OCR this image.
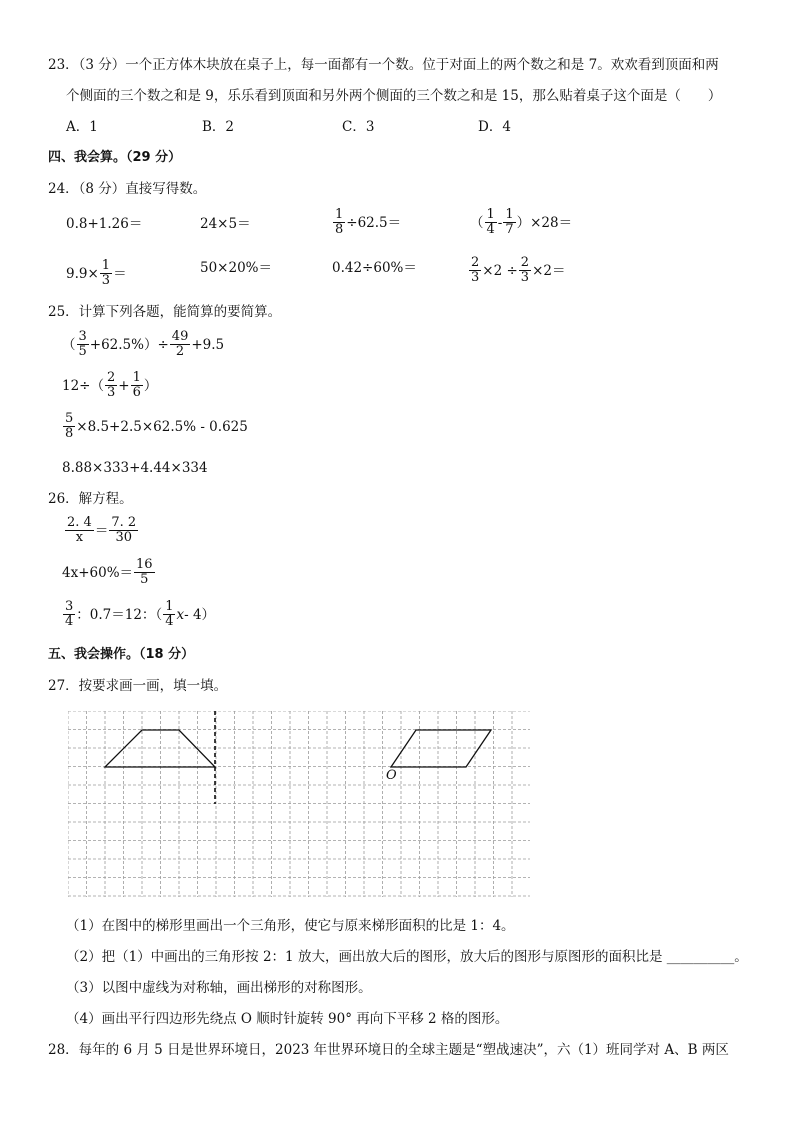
23．（3 分）一个正方体木块放在桌子上，每一面都有一个数。位于对面上的两个数之和是 7。欢欢看到顶面和两
个侧面的三个数之和是 9，乐乐看到顶面和另外两个侧面的三个数之和是 15，那么贴着桌子这个面是（　　）
A．1	B．2	C．3	D．4
四、我会算。（29 分）
24．（8 分）直接写得数。
0.8+1.26＝	24×5＝	$\frac{1}{8} \div 62.5=$	（ $\frac{1}{4} - \frac{1}{7} )\times 28=$
$9.9\times \frac{1}{3}$ ＝	50×20%＝	0.42÷60%＝	$\frac{2}{3} \times 2 \div \frac{2}{3} \times 2=$
25．计算下列各题，能简算的要简算。
（ $\frac{3}{5} +62.5\%)\div \frac{49}{2} +9.5$
$12\div( \frac{2}{3} + \frac{1}{6}$ ）
$\frac{5}{8} \times 8.5+2.5\times 62.5\% - 0.625$
8.88×333+4.44×334
26．解方程。
$\frac{2. 4}{x} = \frac{7. 2}{30}$
$4x+60\%= \frac{16}{5}$
$\frac{3}{4}$ ：0.7＝12：（ $\frac{1}{4}$ x - 4）
五、我会操作。（18 分）
27．按要求画一画，填一填。
O
（1）在图中的梯形里画出一个三角形，使它与原来梯形面积的比是 1：4。
（2）把（1）中画出的三角形按 2：1 放大，画出放大后的图形，放大后的图形与原图形的面积比是 __________。
（3）以图中虚线为对称轴，画出梯形的对称图形。
（4）画出平行四边形先绕点 O 顺时针旋转 90° 再向下平移 2 格的图形。
28．每年的 6 月 5 日是世界环境日，2023 年世界环境日的全球主题是“塑战速决”，六（1）班同学对 A、B 两区
